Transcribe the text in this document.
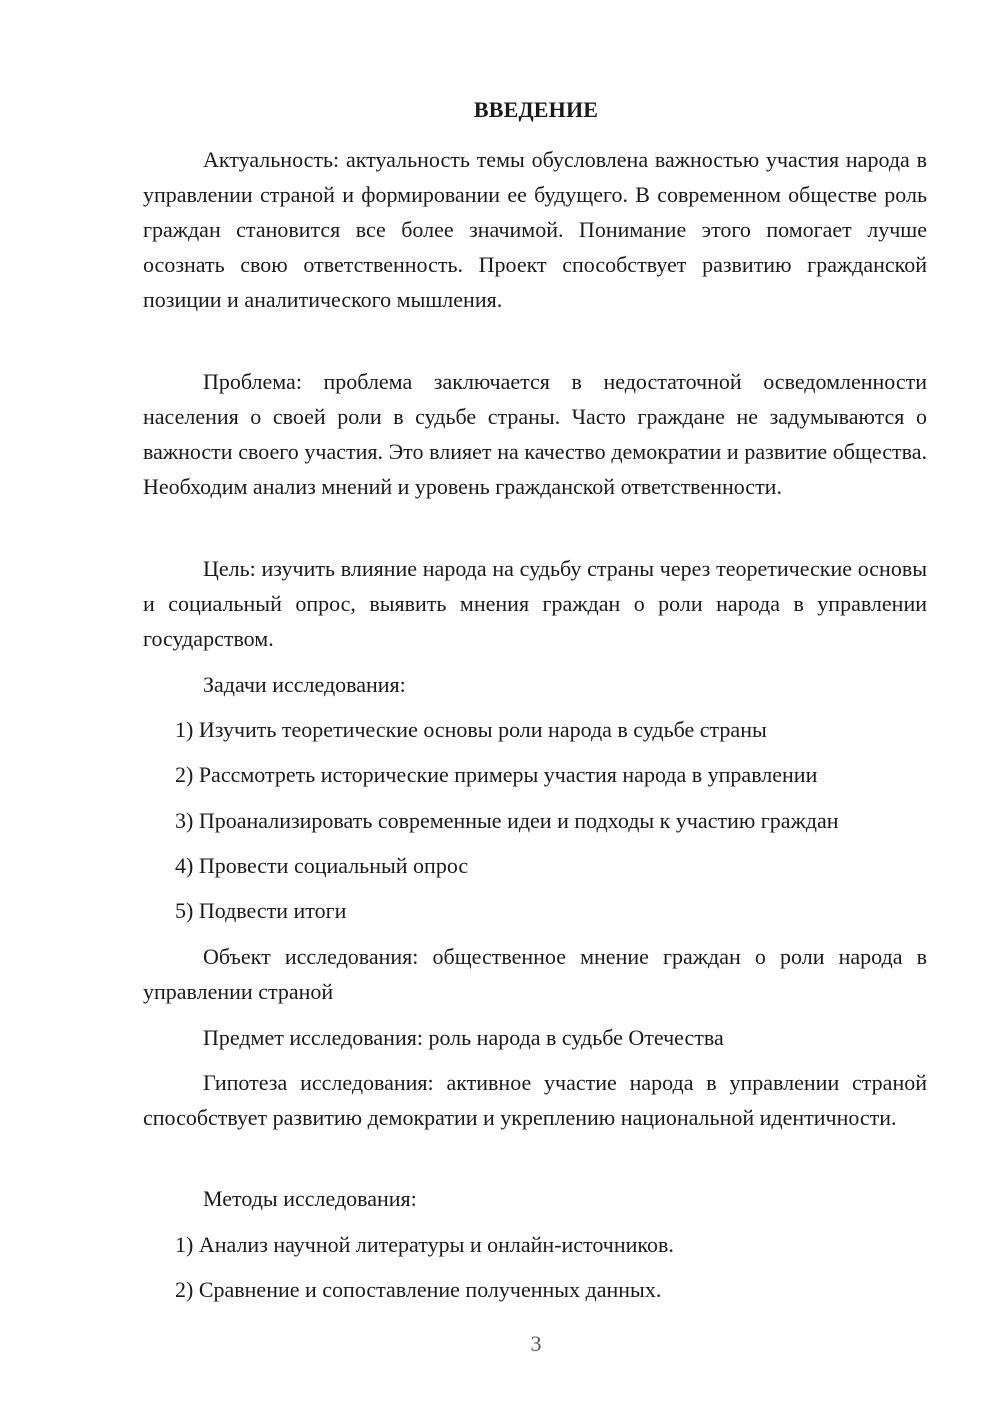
ВВЕДЕНИЕ

Актуальность: актуальность темы обусловлена важностью участия народа в управлении страной и формировании ее будущего. В современном обществе роль граждан становится все более значимой. Понимание этого помогает лучше осознать свою ответственность. Проект способствует развитию гражданской позиции и аналитического мышления.

Проблема: проблема заключается в недостаточной осведомленности населения о своей роли в судьбе страны. Часто граждане не задумываются о важности своего участия. Это влияет на качество демократии и развитие общества. Необходим анализ мнений и уровень гражданской ответственности.

Цель: изучить влияние народа на судьбу страны через теоретические основы и социальный опрос, выявить мнения граждан о роли народа в управлении государством.

Задачи исследования:

1) Изучить теоретические основы роли народа в судьбе страны

2) Рассмотреть исторические примеры участия народа в управлении

3) Проанализировать современные идеи и подходы к участию граждан

4) Провести социальный опрос

5) Подвести итоги

Объект исследования: общественное мнение граждан о роли народа в управлении страной

Предмет исследования: роль народа в судьбе Отечества

Гипотеза исследования: активное участие народа в управлении страной способствует развитию демократии и укреплению национальной идентичности.

Методы исследования:

1) Анализ научной литературы и онлайн-источников.

2) Сравнение и сопоставление полученных данных.

3
